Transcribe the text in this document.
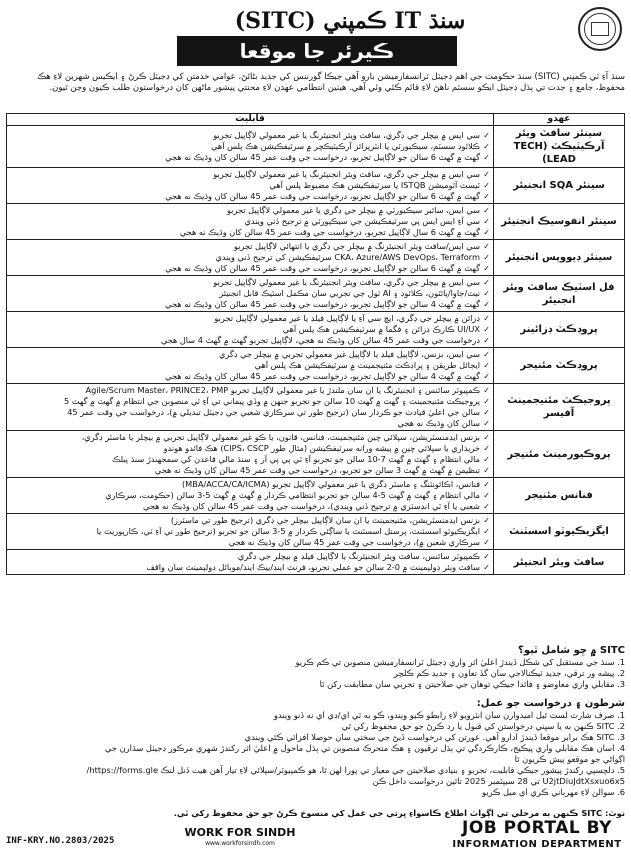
سنڌ IT ڪمپني (SITC)
ڪيرئر جا موقعا
سنڌ آءِ ٽي ڪمپني (SITC) سنڌ حڪومت جي اهم ڊجيٽل ٽرانسفارميشن بارو آهي جيڪا گورننس کي جديد بڻائڻ، عوامي خدمتن کي ڊجيٽل ڪرڻ ۽ ايڪيس شهرين لاءِ هڪ محفوظ، جامع ۽ جدت تي ٻڌل ڊجيٽل ايڪو سسٽم ناهڻ لاءِ قائم ڪئي وئي آهي. هيٺين انتظامي عهدن لاءِ محنتي پيشور ماڻهن کان درخواستون طلب ڪيون وڃن ٿيون.
عهدو	قابليت
سينئر سافٽ ويئر آرڪيٽيڪٽ (TECH LEAD)	✓ سي ايس ۾ بيچلر جي ڊگري، سافٽ ويئر انجنيئرنگ يا غير معمولي لاڳاپيل تجربو
✓ ڪلائوڊ سسٽم، سيڪيورٽي يا انٽرپرائز آرڪيٽيڪچر ۾ سرٽيفڪيشن هڪ پلس آهي
✓ گهٽ ۾ گهٽ 6 سالن جو لاڳاپيل تجربو، درخواست جي وقت عمر 45 سالن کان وڌيڪ نه هجي

سينئر SQA انجنيئر	✓ سي ايس ۾ بيچلر جي ڊگري، سافٽ ويئر انجنيئرنگ يا غير معمولي لاڳاپيل تجربو
✓ ٽيسٽ آٽوميشن ISTQB يا سرٽيفڪيشن هڪ مضبوط پلس آهي
✓ گهٽ ۾ گهٽ 6 سالن جو لاڳاپيل تجربو، درخواست جي وقت عمر 45 سالن کان وڌيڪ نه هجي

سينئر انفوسيڪ انجنيئر	✓ سي ايس، سائبر سيڪيورٽي ۾ بيچلر جي ڊگري يا غير معمولي لاڳاپيل تجربو
✓ سي آءِ ايس ايس پي سرٽيفڪيشن جي سيڪيورٽي ۾ ترجيح ڏني ويندي
✓ گهٽ ۾ گهٽ 6 سال لاڳاپيل تجربو، درخواست جي وقت عمر 45 سالن کان وڌيڪ نه هجي

سينئر ڊيووپس انجنيئر	✓ سي ايس/سافٽ ويئر انجنيئرنگ ۾ بيچلر جي ڊگري يا انتهائي لاڳاپيل تجربو
✓ CKA، Azure/AWS DevOps، Terraform سرٽيفڪيشن کي ترجيح ڏني ويندي
✓ گهٽ ۾ گهٽ 6 سالن جو لاڳاپيل تجربو، درخواست جي وقت عمر 45 سالن کان وڌيڪ نه هجي

فل اسٽيڪ سافٽ ويئر انجنيئر	✓ سي ايس ۾ بيچلر جي ڊگري، سافٽ ويئر انجنيئرنگ يا غير معمولي لاڳاپيل تجربو
✓ نيٽ/جاوا/پائٿون، ڪلائوڊ ۽ AI ٽول جي تجربي سان مڪمل اسٽيڪ قابل انجنيئر
✓ گهٽ ۾ گهٽ 4 سالن جو لاڳاپيل تجربو، درخواست جي وقت عمر 45 سالن کان وڌيڪ نه هجي

پروڊڪٽ ڊزائينر	✓ ڊزائن ۾ بيچلر جي ڊگري، ايڇ سي آءِ يا لاڳاپيل فيلڊ يا غير معمولي لاڳاپيل تجربو
✓ UI/UX ڪارڪ ڊزائن ۽ فگما ۾ سرٽيفڪيشن هڪ پلس آهي
✓ درخواست جي وقت عمر 45 سالن کان وڌيڪ نه هجي، لاڳاپيل تجربو گهٽ ۾ گهٽ 4 سال هجي

پروڊڪٽ مئنيجر	✓ سي ايس، بزنس، لاڳاپيل فيلڊ يا لاڳاپيل غير معمولي تجربي ۾ بيچلر جي ڊگري
✓ ايجائل طريقن ۽ پراڊڪٽ مئنيجمينٽ ۾ سرٽيفڪيشن هڪ پلس آهي
✓ گهٽ ۾ گهٽ 4 سالن جو لاڳاپيل تجربو، درخواست جي وقت عمر 45 سالن کان وڌيڪ نه هجي

پروجيڪٽ مئنيجمينٽ آفيسر	✓ ڪمپيوٽر سائنس ۽ انجنيئرنگ يا ان سان ملندڙ يا غير معمولي لاڳاپيل تجربو Agile/Scrum Master، PRINCE2، PMP
✓ پروجيڪٽ مئنيجمينٽ ۽ گهٽ ۾ گهٽ 10 سالن جو تجربو جنهن ۾ وڏي پيماني تي آءِ ٽي منصوبن جي انتظام ۾ گهٽ ۾ گهٽ 5
✓ سالن جي اعليٰ قيادت جو ڪردار سان (ترجيح طور تي سرڪاري شعبي جي ڊجيٽل تبديلي ۾)، درخواست جي وقت عمر 45
✓ سالن کان وڌيڪ نه هجي

پروڪيورمينٽ مئنيجر	✓ بزنس ايڊمنسٽريشن، سپلائي چين مئنيجمينٽ، فنانس، قانون، يا ڪو غير معمولي لاڳاپيل تجربي ۾ بيچلر يا ماسٽر ڊگري،
✓ خريداري يا سپلائي چين ۾ پيشه ورانه سرٽيفڪيشن (مثال طور CIPS، CSCP) هڪ فائدو هوندو
✓ مالي انتظام ۽ گهٽ ۾ گهٽ 7-10 سالن جو تجربو آءِ ٽي پي پي آر ۽ سنڌ مالي قاعدن کي سمجهندڙ سنڌ پبلڪ
✓ تنظيمن ۾ گهٽ ۾ گهٽ 3 سالن جو تجربو، درخواست جي وقت عمر 45 سالن کان وڌيڪ نه هجي

فنانس مئنيجر	✓ فنانس، اڪائونٽنگ ۽ ماسٽر ڊگري يا غير معمولي لاڳاپيل تجربو (MBA/ACCA/CA/ICMA)
✓ مالي انتظام ۽ گهٽ ۾ گهٽ 5-4 سالن جو تجربو انتظامي ڪردار ۾ گهٽ ۾ گهٽ 5-3 سالن (حڪومت، سرڪاري
✓ شعبي يا آءِ ٽي انڊسٽري ۾ ترجيح ڏني ويندي)، درخواست جي وقت عمر 45 سالن کان وڌيڪ نه هجي

ايگزيڪيوٽو اسسٽنٽ	✓ بزنس ايڊمنسٽريشن، مئنيجمينٽ يا ان سان لاڳاپيل بيچلر جي ڊگري (ترجيح طور تي ماسٽرز)
✓ ايگزيڪيوٽو اسسٽنٽ، پرسنل اسسٽنٽ يا ساڳئي ڪردار ۾ 5-3 سالن جو تجربو (ترجيح طور تي آءِ ٽي، ڪارپوريٽ يا
✓ سرڪاري شعبن ۾)، درخواست جي وقت عمر 45 سالن کان وڌيڪ نه هجي

سافٽ ويئر انجنيئر	✓ ڪمپيوٽر سائنس، سافٽ ويئر انجنيئرنگ يا لاڳاپيل فيلڊ ۾ بيچلر جي ڊگري
✓ سافٽ ويئر ڊولپمينٽ ۾ 0-2 سالن جو عملي تجربو، فرنٽ اينڊ/بيڪ اينڊ/موبائل ڊولپمينٽ سان واقف
SITC ۾ ڇو شامل ٿيو؟
1. سنڌ جي مستقبل کي شڪل ڏيندڙ اعليٰ اثر واري ڊجيٽل ٽرانسفارميشن منصوبن تي ڪم ڪريو
2. پيشه ور ترقي، جديد ٽيڪنالاجي سان گڏ تعاون ۽ جديد ڪم ڪلچر
3. مقابلي واري معاوضو ۽ فائدا جيڪي توهان جي صلاحيتن ۽ تجربي سان مطابقت رکن ٿا
شرطون ۽ درخواست جو عمل:
1. صرف شارٽ لسٽ ٿيل اميدوارن سان انٽرويو لاءِ رابطو ڪيو ويندو، ڪو به ٽي اي/ڊي اي نه ڏنو ويندو
2. SITC ڪنهن به يا سڀني درخواستن کي قبول يا رد ڪرڻ جو حق محفوظ رکي ٿي
3. SITC هڪ برابر موقعا ڏيندڙ ادارو آهي. عورتن کي درخواست ڏيڻ جي سختي سان حوصلا افزائي ڪئي ويندي
4. اسان هڪ مقابلي واري پيڪيج، ڪارڪردگي تي ٻڌل ترقيون ۽ هڪ متحرڪ منصوبن تي ٻڌل ماحول ۾ اعليٰ اثر رکندڙ شهري مرڪوز ڊجيٽل سڌارن جي
اڳواڻي جو موقعو پيش ڪريون ٿا
5. دلچسپي رکندڙ پيشور جيڪي قابليت، تجربو ۽ بنيادي صلاحيتن جي معيار تي پورا لهن ٿا، هو ڪمپيوٽر/سپلائي لاءِ تيار آهن هيٺ ڏنل لنڪ https://forms.gle/
U2jtDiuJdtXsxuo6x5 تي 28 سيپٽمبر 2025 تائين درخواست داخل ڪن
6. سوالن لاءِ مهرباني ڪري اي ميل ڪريو
نوٽ: SITC ڪنهن به مرحلي تي اڳواٽ اطلاع ڪاسواءِ ڀرتي جي عمل کي منسوخ ڪرڻ جو حق محفوظ رکي ٿي.
INF-KRY.NO.2803/2025
WORK FOR SINDH
www.workforsindh.com
JOB PORTAL BY
INFORMATION DEPARTMENT
